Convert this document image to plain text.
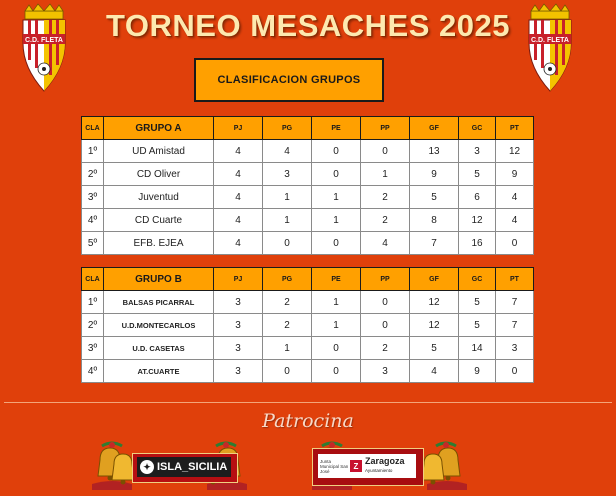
TORNEO MESACHES 2025
C.D. FLETA	C.D. FLETA
CLASIFICACION GRUPOS
CLA	GRUPO A	PJ	PG	PE	PP	GF	GC	PT
1º	UD Amistad	4	4	0	0	13	3	12
2º	CD Oliver	4	3	0	1	9	5	9
3º	Juventud	4	1	1	2	5	6	4
4º	CD Cuarte	4	1	1	2	8	12	4
5º	EFB. EJEA	4	0	0	4	7	16	0
CLA	GRUPO B	PJ	PG	PE	PP	GF	GC	PT
1º	BALSAS PICARRAL	3	2	1	0	12	5	7
2º	U.D.MONTECARLOS	3	2	1	0	12	5	7
3º	U.D. CASETAS	3	1	0	2	5	14	3
4º	AT.CUARTE	3	0	0	3	4	9	0
Patrocina
✦ ISLA_SICILIA	Junta Municipal San José
Z Zaragoza
Ayuntamiento
